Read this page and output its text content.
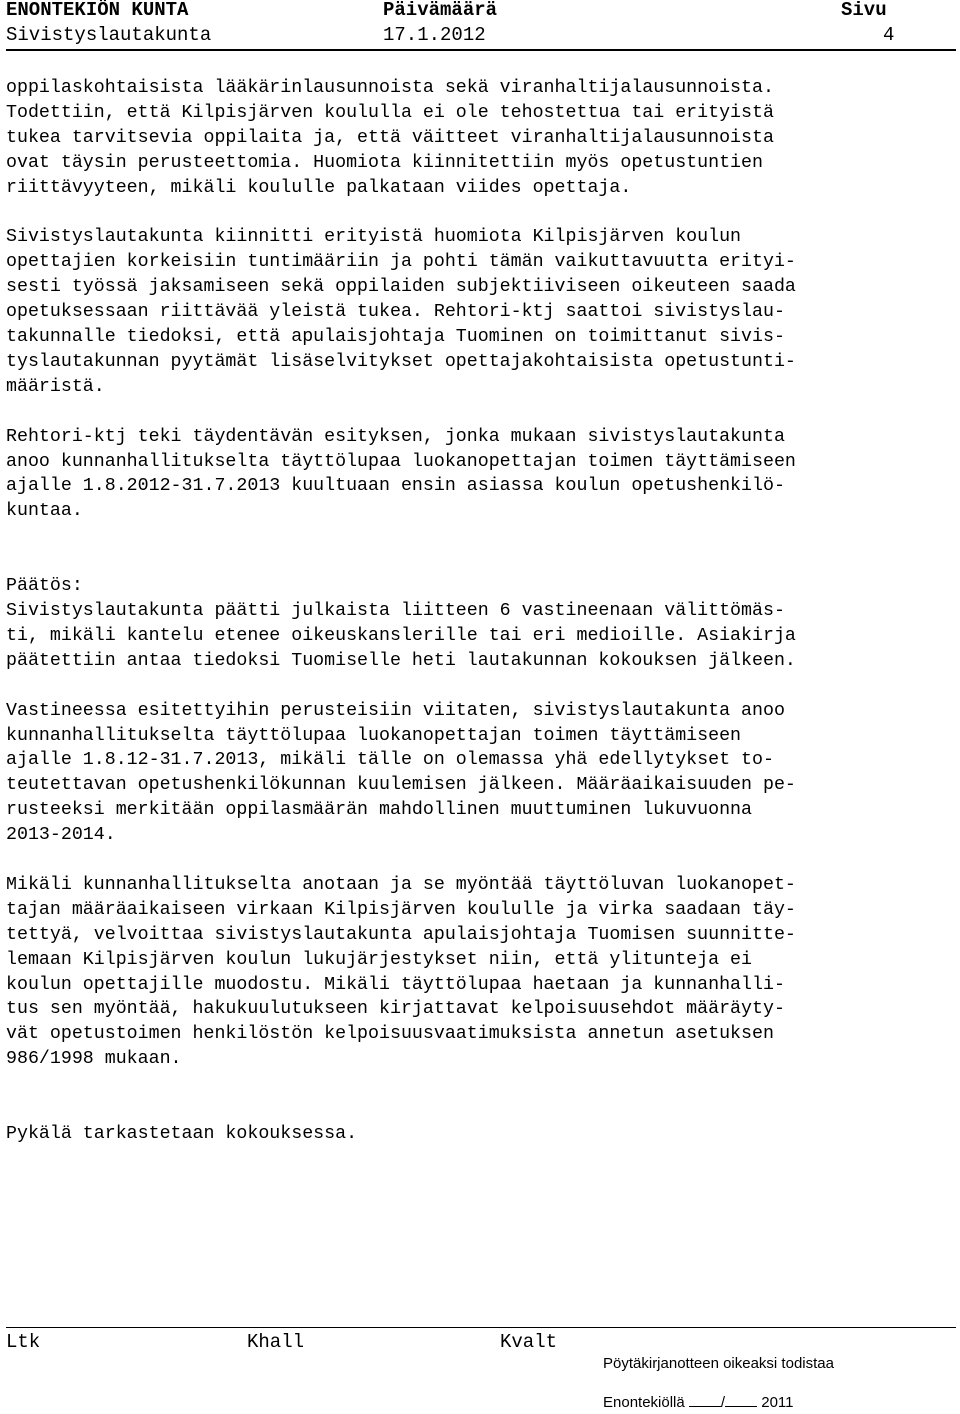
ENONTEKIÖN KUNTA	Päivämäärä	Sivu
Sivistyslautakunta	17.1.2012	4

oppilaskohtaisista lääkärinlausunnoista sekä viranhaltijalausunnoista.
Todettiin, että Kilpisjärven koululla ei ole tehostettua tai erityistä
tukea tarvitsevia oppilaita ja, että väitteet viranhaltijalausunnoista
ovat täysin perusteettomia. Huomiota kiinnitettiin myös opetustuntien
riittävyyteen, mikäli koululle palkataan viides opettaja.

Sivistyslautakunta kiinnitti erityistä huomiota Kilpisjärven koulun
opettajien korkeisiin tuntimääriin ja pohti tämän vaikuttavuutta erityi-
sesti työssä jaksamiseen sekä oppilaiden subjektiiviseen oikeuteen saada
opetuksessaan riittävää yleistä tukea. Rehtori-ktj saattoi sivistyslau-
takunnalle tiedoksi, että apulaisjohtaja Tuominen on toimittanut sivis-
tyslautakunnan pyytämät lisäselvitykset opettajakohtaisista opetustunti-
määristä.

Rehtori-ktj teki täydentävän esityksen, jonka mukaan sivistyslautakunta
anoo kunnanhallitukselta täyttölupaa luokanopettajan toimen täyttämiseen
ajalle 1.8.2012-31.7.2013 kuultuaan ensin asiassa koulun opetushenkilö-
kuntaa.

Päätös:

Sivistyslautakunta päätti julkaista liitteen 6 vastineenaan välittömäs-
ti, mikäli kantelu etenee oikeuskanslerille tai eri medioille. Asiakirja
päätettiin antaa tiedoksi Tuomiselle heti lautakunnan kokouksen jälkeen.

Vastineessa esitettyihin perusteisiin viitaten, sivistyslautakunta anoo
kunnanhallitukselta täyttölupaa luokanopettajan toimen täyttämiseen
ajalle 1.8.12-31.7.2013, mikäli tälle on olemassa yhä edellytykset to-
teutettavan opetushenkilökunnan kuulemisen jälkeen. Määräaikaisuuden pe-
rusteeksi merkitään oppilasmäärän mahdollinen muuttuminen lukuvuonna
2013-2014.

Mikäli kunnanhallitukselta anotaan ja se myöntää täyttöluvan luokanopet-
tajan määräaikaiseen virkaan Kilpisjärven koululle ja virka saadaan täy-
tettyä, velvoittaa sivistyslautakunta apulaisjohtaja Tuomisen suunnitte-
lemaan Kilpisjärven koulun lukujärjestykset niin, että ylitunteja ei
koulun opettajille muodostu. Mikäli täyttölupaa haetaan ja kunnanhalli-
tus sen myöntää, hakukuulutukseen kirjattavat kelpoisuusehdot määräyty-
vät opetustoimen henkilöstön kelpoisuusvaatimuksista annetun asetuksen
986/1998 mukaan.

Pykälä tarkastetaan kokouksessa.

Ltk	Khall	Kvalt
Pöytäkirjanotteen oikeaksi todistaa
Enontekiöllä / 2011
